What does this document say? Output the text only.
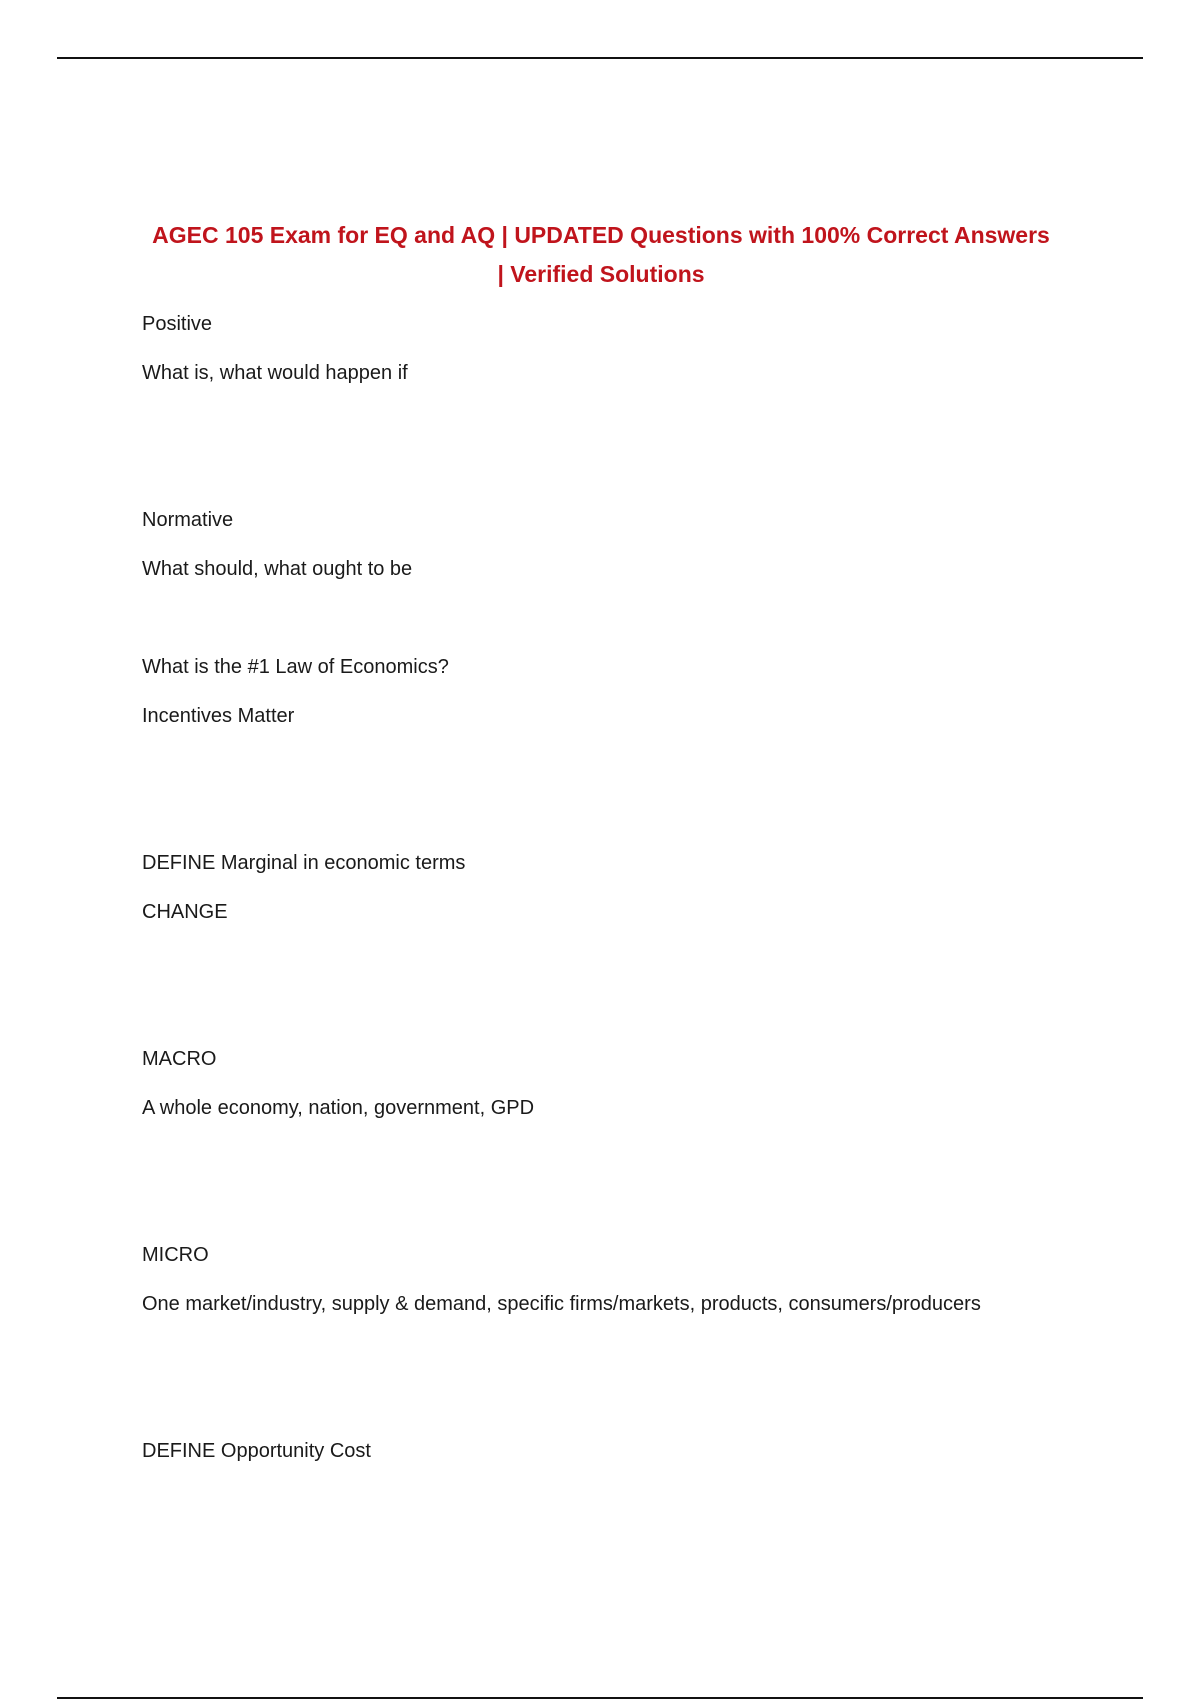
AGEC 105 Exam for EQ and AQ | UPDATED Questions with 100% Correct Answers
| Verified Solutions

Positive

What is, what would happen if

Normative

What should, what ought to be

What is the #1 Law of Economics?

Incentives Matter

DEFINE Marginal in economic terms

CHANGE

MACRO

A whole economy, nation, government, GPD

MICRO

One market/industry, supply & demand, specific firms/markets, products, consumers/producers

DEFINE Opportunity Cost
